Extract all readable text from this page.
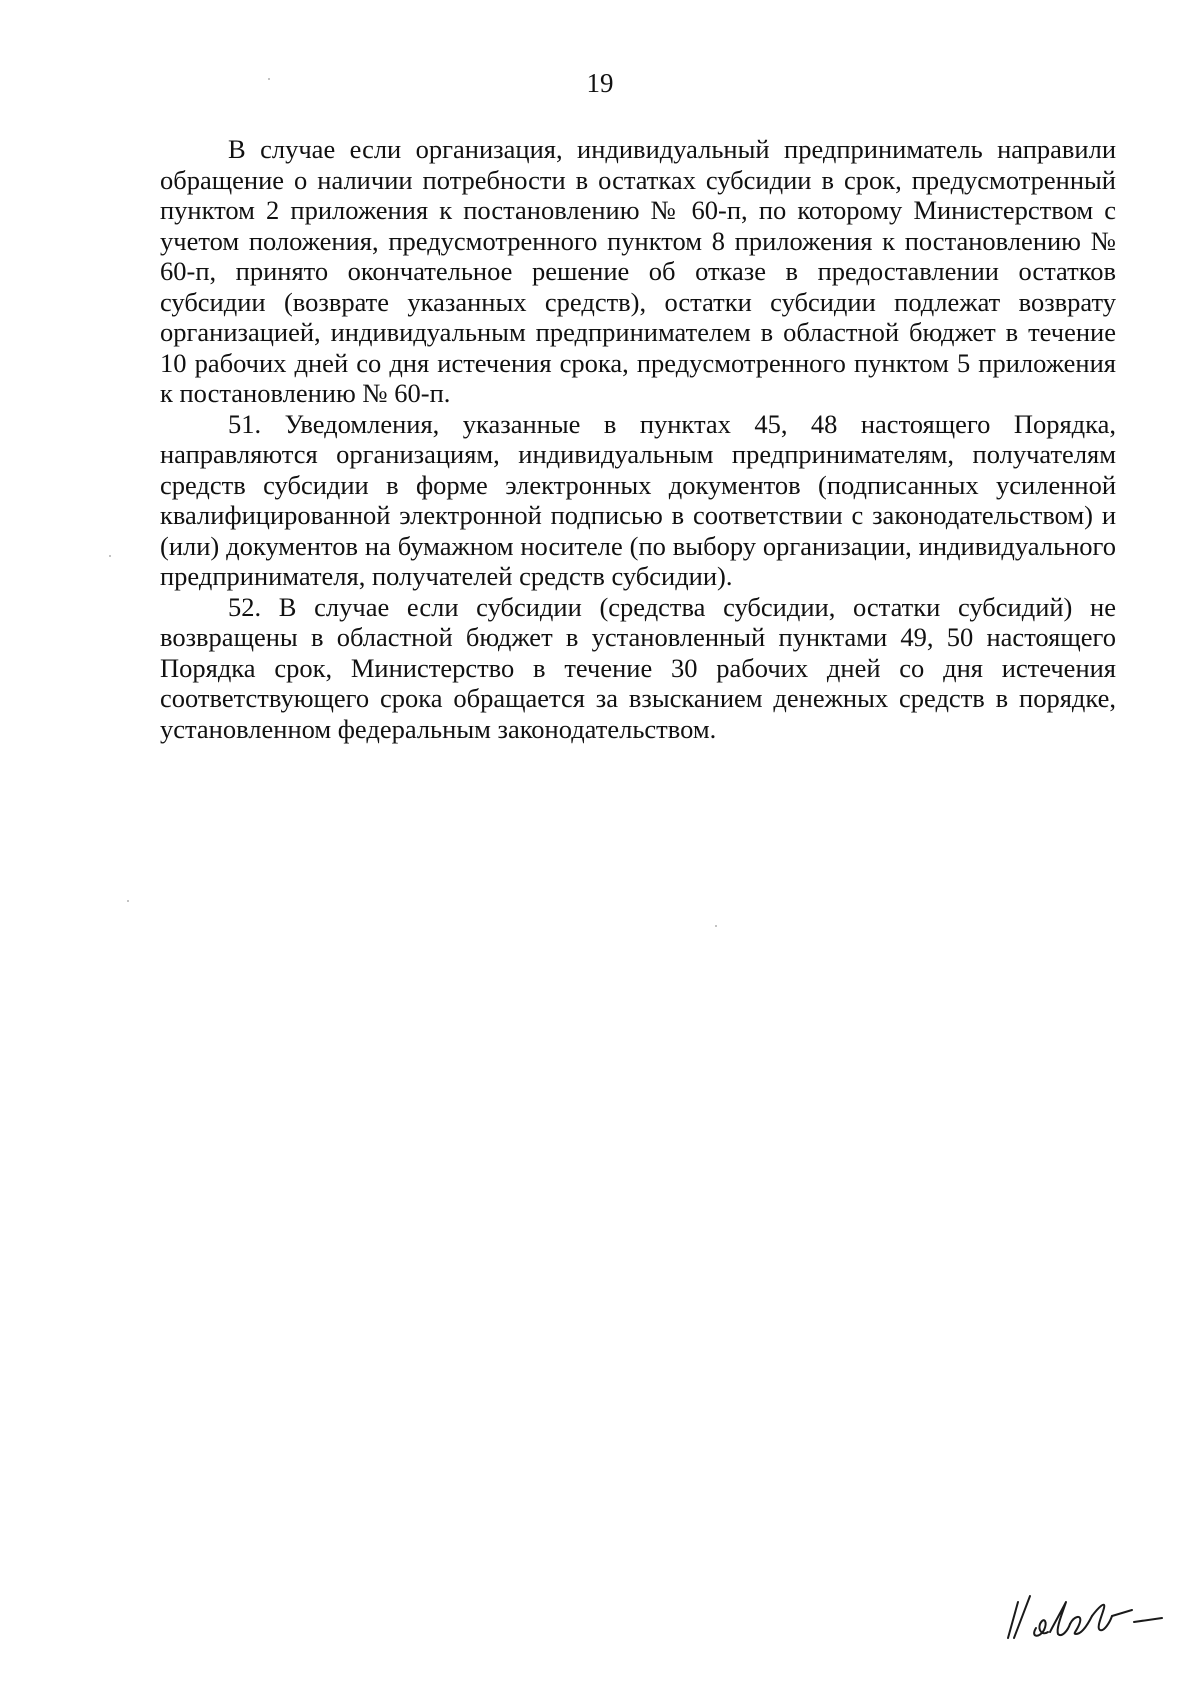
19

В случае если организация, индивидуальный предприниматель направили обращение о наличии потребности в остатках субсидии в срок, предусмотренный пунктом 2 приложения к постановлению № 60-п, по которому Министерством с учетом положения, предусмотренного пунктом 8 приложения к постановлению № 60-п, принято окончательное решение об отказе в предоставлении остатков субсидии (возврате указанных средств), остатки субсидии подлежат возврату организацией, индивидуальным предпринимателем в областной бюджет в течение 10 рабочих дней со дня истечения срока, предусмотренного пунктом 5 приложения к постановлению № 60-п.

51. Уведомления, указанные в пунктах 45, 48 настоящего Порядка, направляются организациям, индивидуальным предпринимателям, получателям средств субсидии в форме электронных документов (подписанных усиленной квалифицированной электронной подписью в соответствии с законодательством) и (или) документов на бумажном носителе (по выбору организации, индивидуального предпринимателя, получателей средств субсидии).

52. В случае если субсидии (средства субсидии, остатки субсидий) не возвращены в областной бюджет в установленный пунктами 49, 50 настоящего Порядка срок, Министерство в течение 30 рабочих дней со дня истечения соответствующего срока обращается за взысканием денежных средств в порядке, установленном федеральным законодательством.
